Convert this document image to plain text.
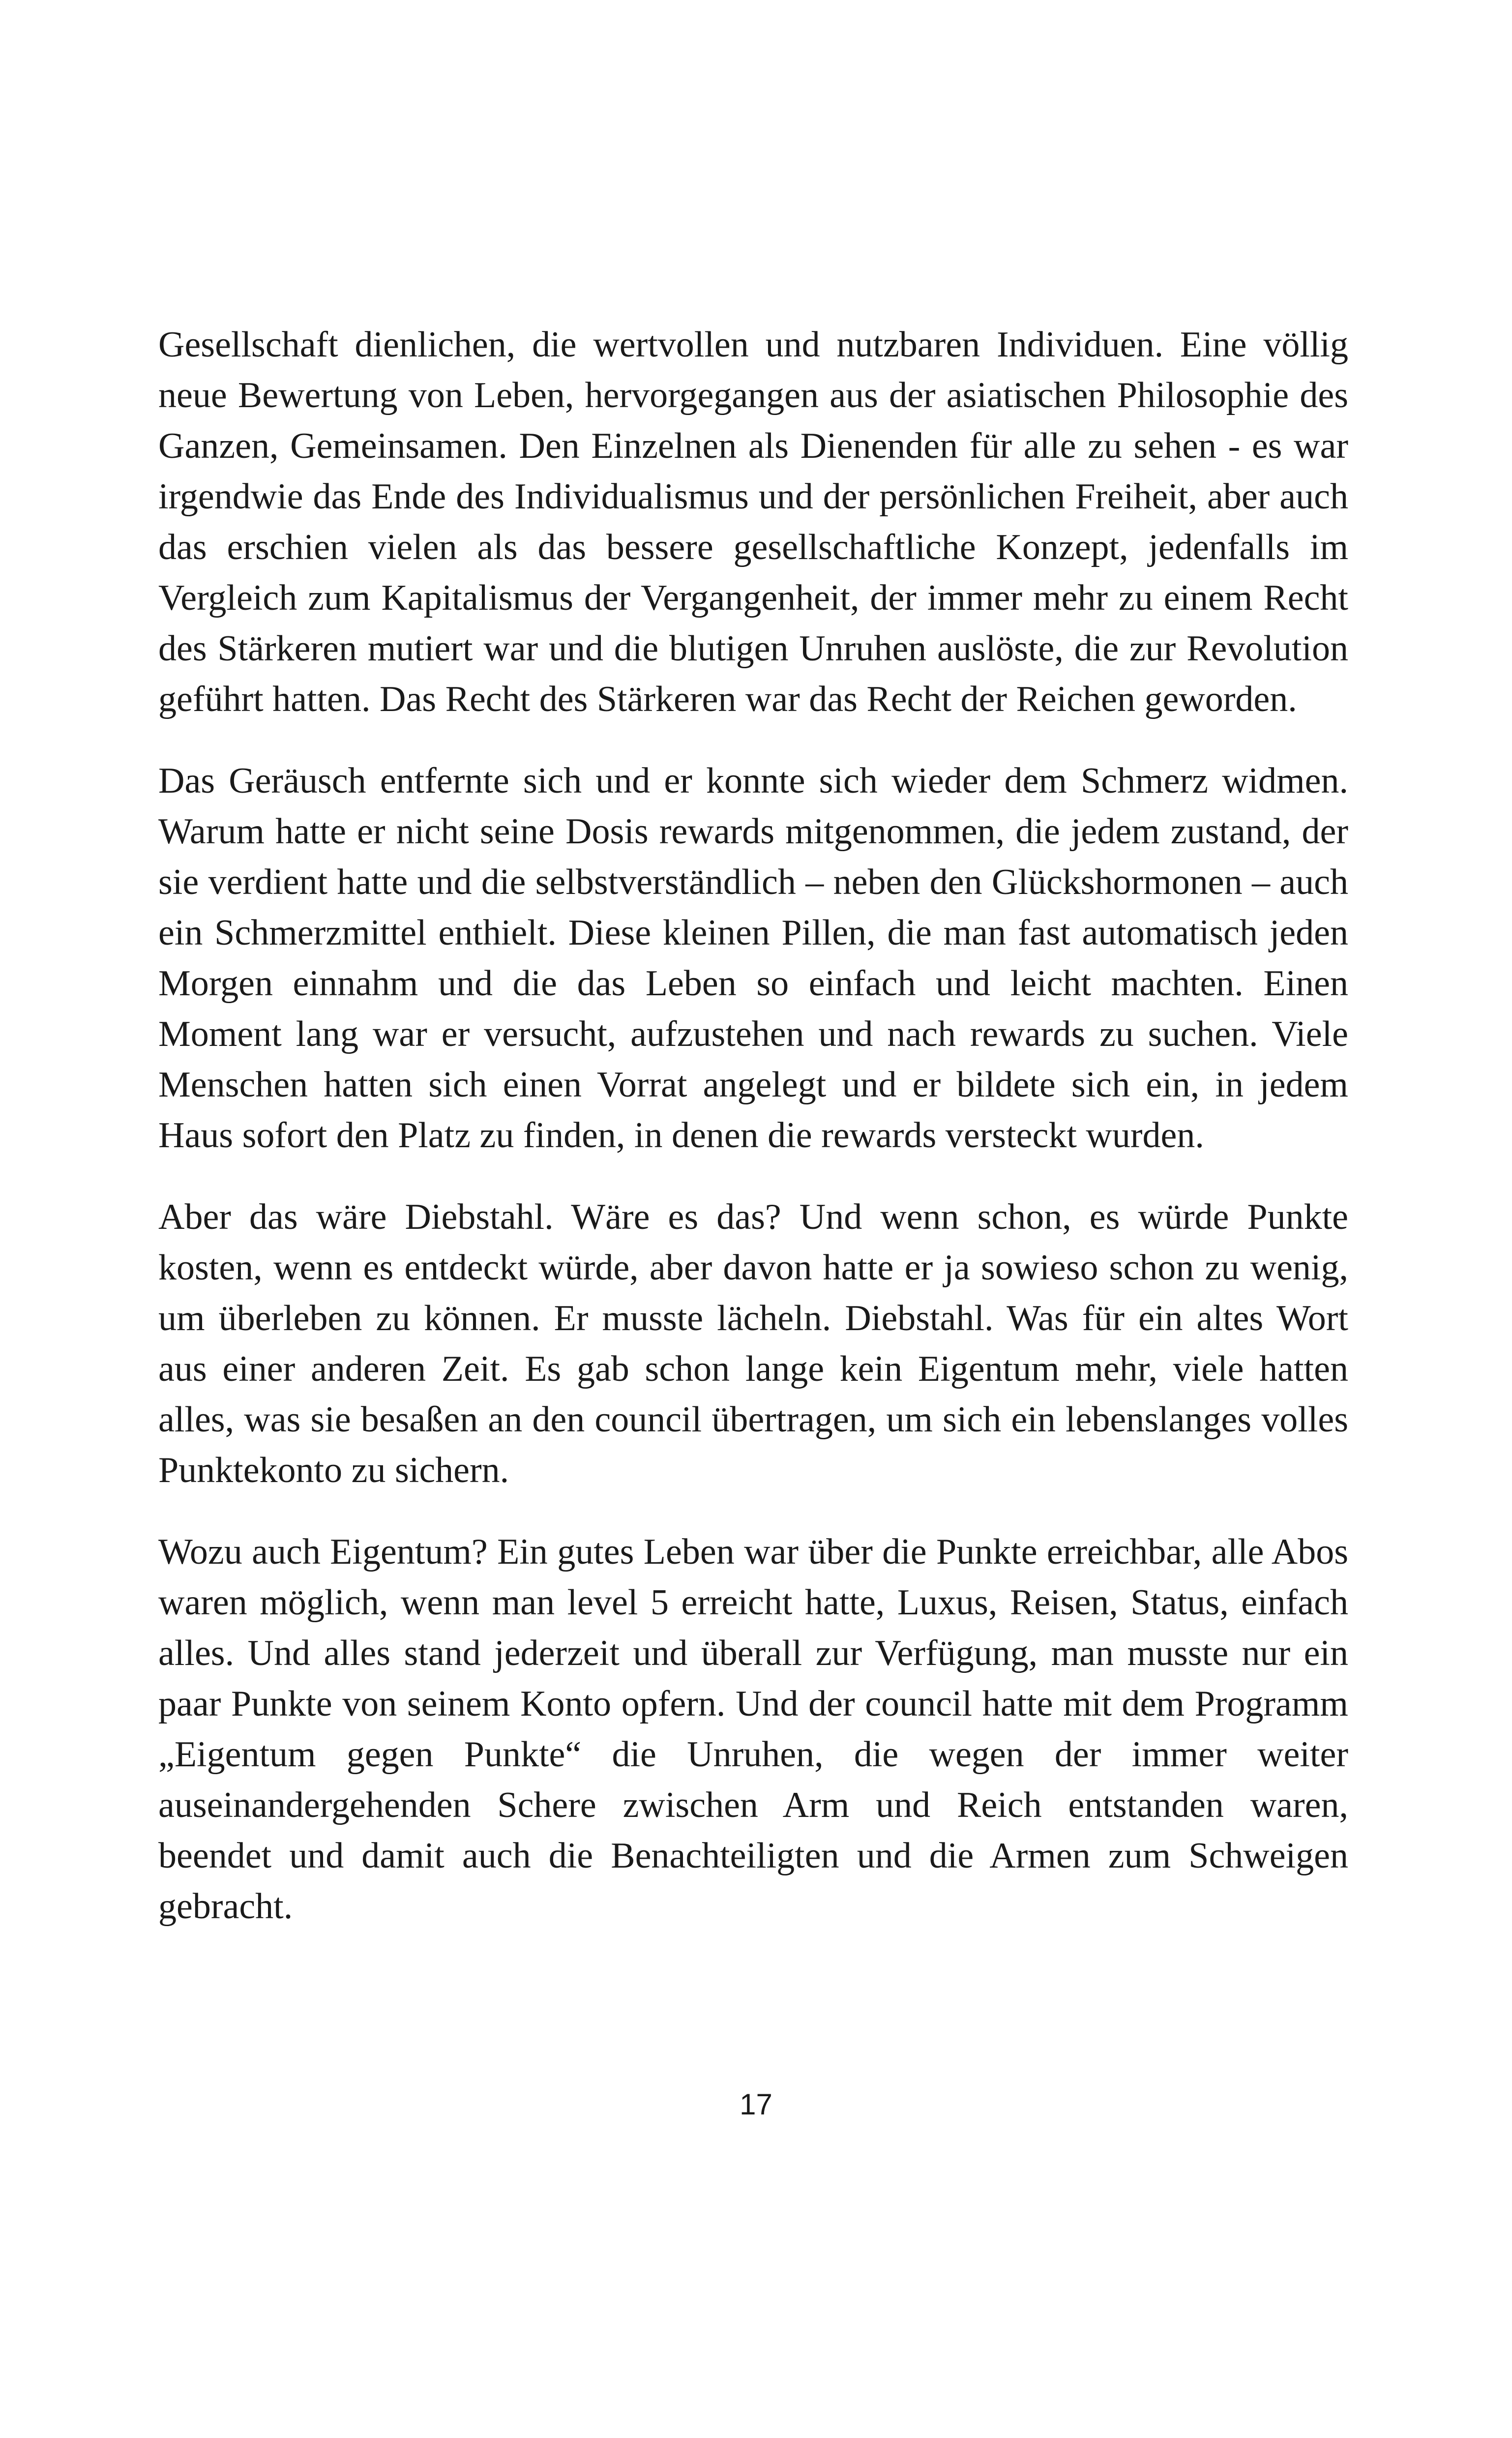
Gesellschaft dienlichen, die wertvollen und nutzbaren Individuen. Eine völlig neue Bewertung von Leben, hervorgegangen aus der asiatischen Philosophie des Ganzen, Gemeinsamen. Den Einzelnen als Dienenden für alle zu sehen - es war irgendwie das Ende des Individualismus und der persönlichen Freiheit, aber auch das erschien vielen als das bessere gesellschaftliche Konzept, jedenfalls im Vergleich zum Kapitalismus der Vergangenheit, der immer mehr zu einem Recht des Stärkeren mutiert war und die blutigen Unruhen auslöste, die zur Revolution geführt hatten. Das Recht des Stärkeren war das Recht der Reichen geworden.

Das Geräusch entfernte sich und er konnte sich wieder dem Schmerz widmen. Warum hatte er nicht seine Dosis rewards mitgenommen, die jedem zustand, der sie verdient hatte und die selbstverständlich – neben den Glückshormonen – auch ein Schmerzmittel enthielt. Diese kleinen Pillen, die man fast automatisch jeden Morgen einnahm und die das Leben so einfach und leicht machten. Einen Moment lang war er versucht, aufzustehen und nach rewards zu suchen. Viele Menschen hatten sich einen Vorrat angelegt und er bildete sich ein, in jedem Haus sofort den Platz zu finden, in denen die rewards versteckt wurden.

Aber das wäre Diebstahl. Wäre es das? Und wenn schon, es würde Punkte kosten, wenn es entdeckt würde, aber davon hatte er ja sowieso schon zu wenig, um überleben zu können. Er musste lächeln. Diebstahl. Was für ein altes Wort aus einer anderen Zeit. Es gab schon lange kein Eigentum mehr, viele hatten alles, was sie besaßen an den council übertragen, um sich ein lebenslanges volles Punktekonto zu sichern.

Wozu auch Eigentum? Ein gutes Leben war über die Punkte erreichbar, alle Abos waren möglich, wenn man level 5 erreicht hatte, Luxus, Reisen, Status, einfach alles. Und alles stand jederzeit und überall zur Verfügung, man musste nur ein paar Punkte von seinem Konto opfern. Und der council hatte mit dem Programm „Eigentum gegen Punkte“ die Unruhen, die wegen der immer weiter auseinandergehenden Schere zwischen Arm und Reich entstanden waren, beendet und damit auch die Benachteiligten und die Armen zum Schweigen gebracht.

17
